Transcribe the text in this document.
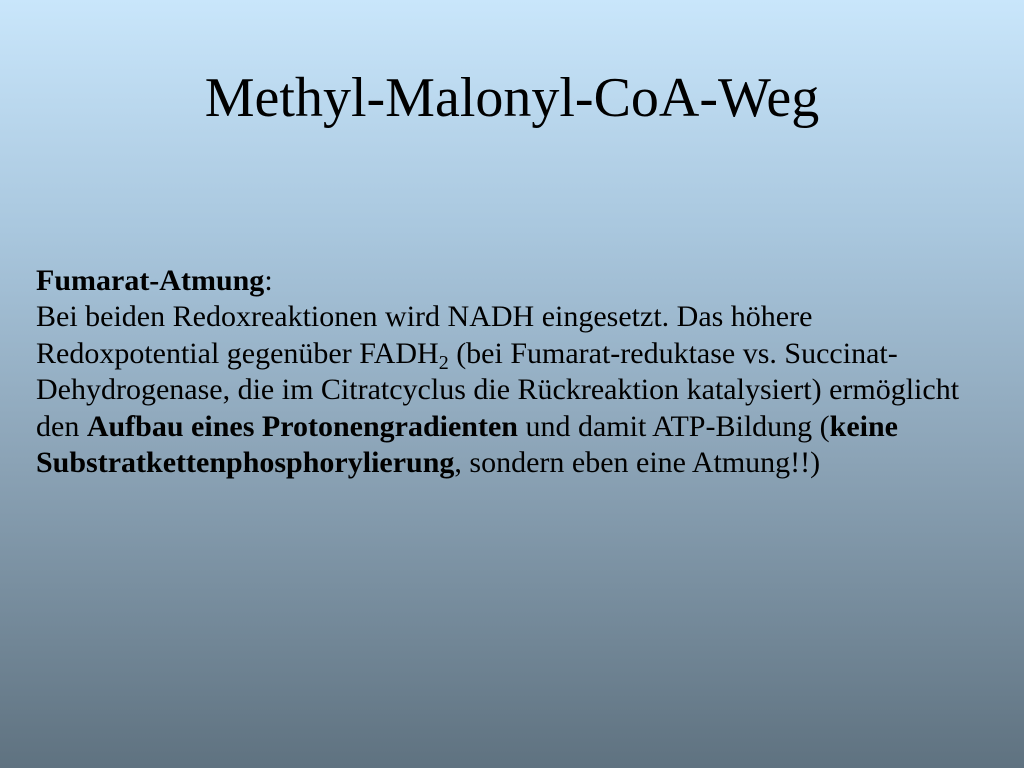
Methyl-Malonyl-CoA-Weg

Fumarat-Atmung:

Bei beiden Redoxreaktionen wird NADH eingesetzt. Das höhere Redoxpotential gegenüber $FADH_2$ (bei Fumarat-reduktase vs. Succinat-Dehydrogenase, die im Citratcyclus die Rückreaktion katalysiert) ermöglicht den Aufbau eines Protonengradienten und damit ATP-Bildung (keine Substratkettenphosphorylierung, sondern eben eine Atmung!!)
